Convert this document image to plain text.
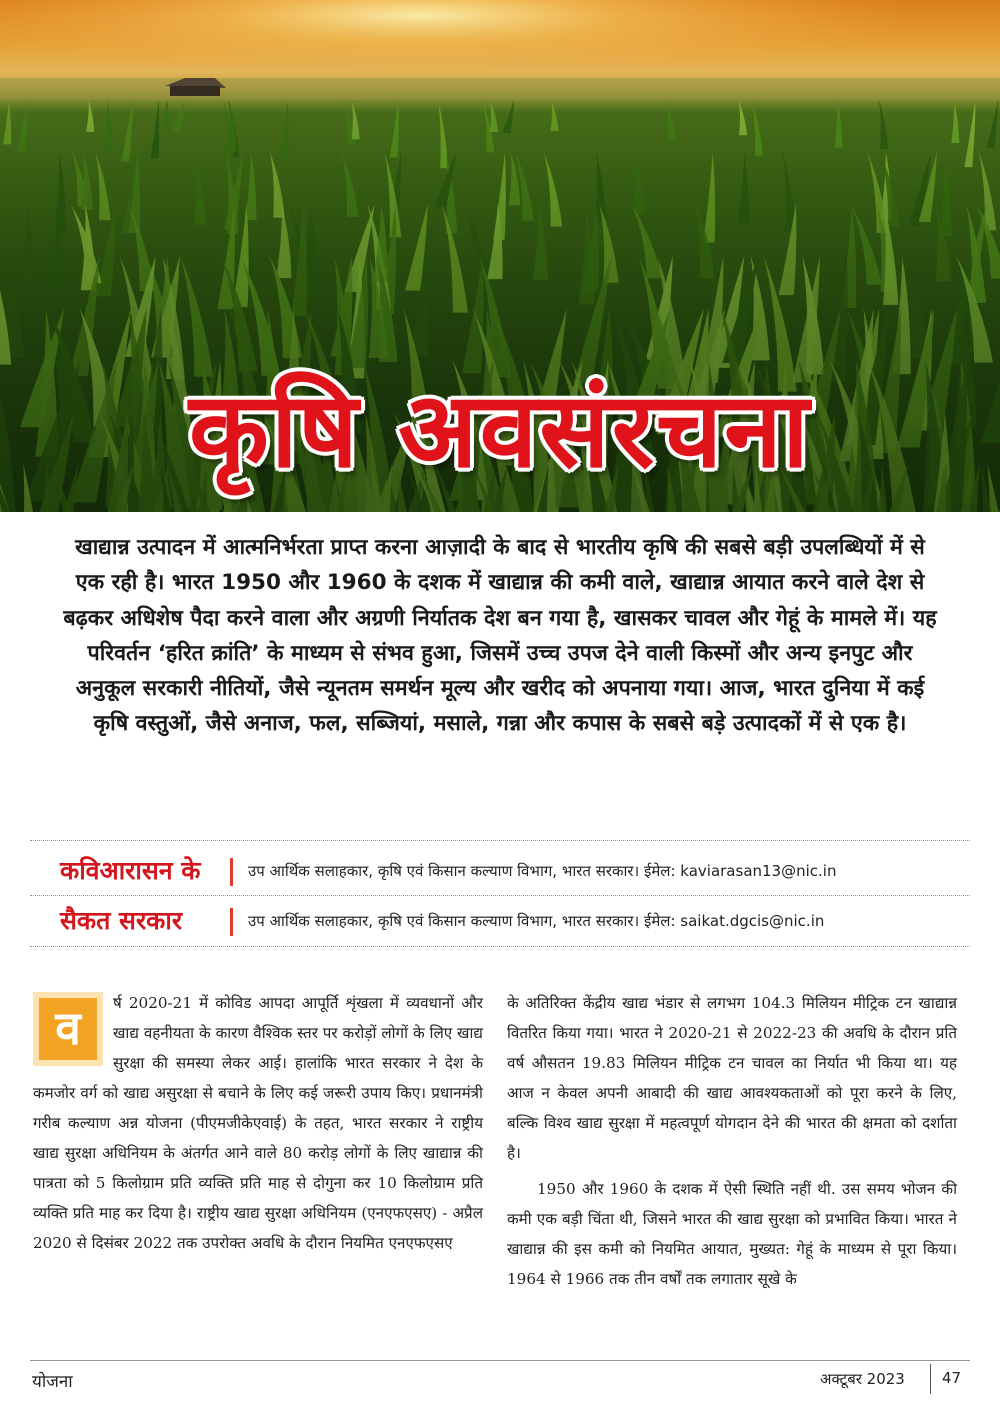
कृषि अवसंरचना

खाद्यान्न उत्पादन में आत्मनिर्भरता प्राप्त करना आज़ादी के बाद से भारतीय कृषि की सबसे बड़ी उपलब्धियों में से एक रही है। भारत 1950 और 1960 के दशक में खाद्यान्न की कमी वाले, खाद्यान्न आयात करने वाले देश से बढ़कर अधिशेष पैदा करने वाला और अग्रणी निर्यातक देश बन गया है, खासकर चावल और गेहूं के मामले में। यह परिवर्तन ‘हरित क्रांति’ के माध्यम से संभव हुआ, जिसमें उच्च उपज देने वाली किस्मों और अन्य इनपुट और अनुकूल सरकारी नीतियों, जैसे न्यूनतम समर्थन मूल्य और खरीद को अपनाया गया। आज, भारत दुनिया में कई कृषि वस्तुओं, जैसे अनाज, फल, सब्जियां, मसाले, गन्ना और कपास के सबसे बड़े उत्पादकों में से एक है।

कविआरासन के	उप आर्थिक सलाहकार, कृषि एवं किसान कल्याण विभाग, भारत सरकार। ईमेल: kaviarasan13@nic.in
सैकत सरकार	उप आर्थिक सलाहकार, कृषि एवं किसान कल्याण विभाग, भारत सरकार। ईमेल: saikat.dgcis@nic.in

व	र्ष 2020-21 में कोविड आपदा आपूर्ति शृंखला में व्यवधानों और खाद्य वहनीयता के कारण वैश्विक स्तर पर करोड़ों लोगों के लिए खाद्य सुरक्षा की समस्या लेकर आई। हालांकि भारत सरकार ने देश के कमजोर वर्ग को खाद्य असुरक्षा से बचाने के लिए कई जरूरी उपाय किए। प्रधानमंत्री गरीब कल्याण अन्न योजना (पीएमजीकेएवाई) के तहत, भारत सरकार ने राष्ट्रीय खाद्य सुरक्षा अधिनियम के अंतर्गत आने वाले 80 करोड़ लोगों के लिए खाद्यान्न की पात्रता को 5 किलोग्राम प्रति व्यक्ति प्रति माह से दोगुना कर 10 किलोग्राम प्रति व्यक्ति प्रति माह कर दिया है। राष्ट्रीय खाद्य सुरक्षा अधिनियम (एनएफएसए) - अप्रैल 2020 से दिसंबर 2022 तक उपरोक्त अवधि के दौरान नियमित एनएफएसए

के अतिरिक्त केंद्रीय खाद्य भंडार से लगभग 104.3 मिलियन मीट्रिक टन खाद्यान्न वितरित किया गया। भारत ने 2020-21 से 2022-23 की अवधि के दौरान प्रति वर्ष औसतन 19.83 मिलियन मीट्रिक टन चावल का निर्यात भी किया था। यह आज न केवल अपनी आबादी की खाद्य आवश्यकताओं को पूरा करने के लिए, बल्कि विश्व खाद्य सुरक्षा में महत्वपूर्ण योगदान देने की भारत की क्षमता को दर्शाता है।

1950 और 1960 के दशक में ऐसी स्थिति नहीं थी. उस समय भोजन की कमी एक बड़ी चिंता थी, जिसने भारत की खाद्य सुरक्षा को प्रभावित किया। भारत ने खाद्यान्न की इस कमी को नियमित आयात, मुख्यत: गेहूं के माध्यम से पूरा किया। 1964 से 1966 तक तीन वर्षों तक लगातार सूखे के

योजना	अक्टूबर 2023 47
